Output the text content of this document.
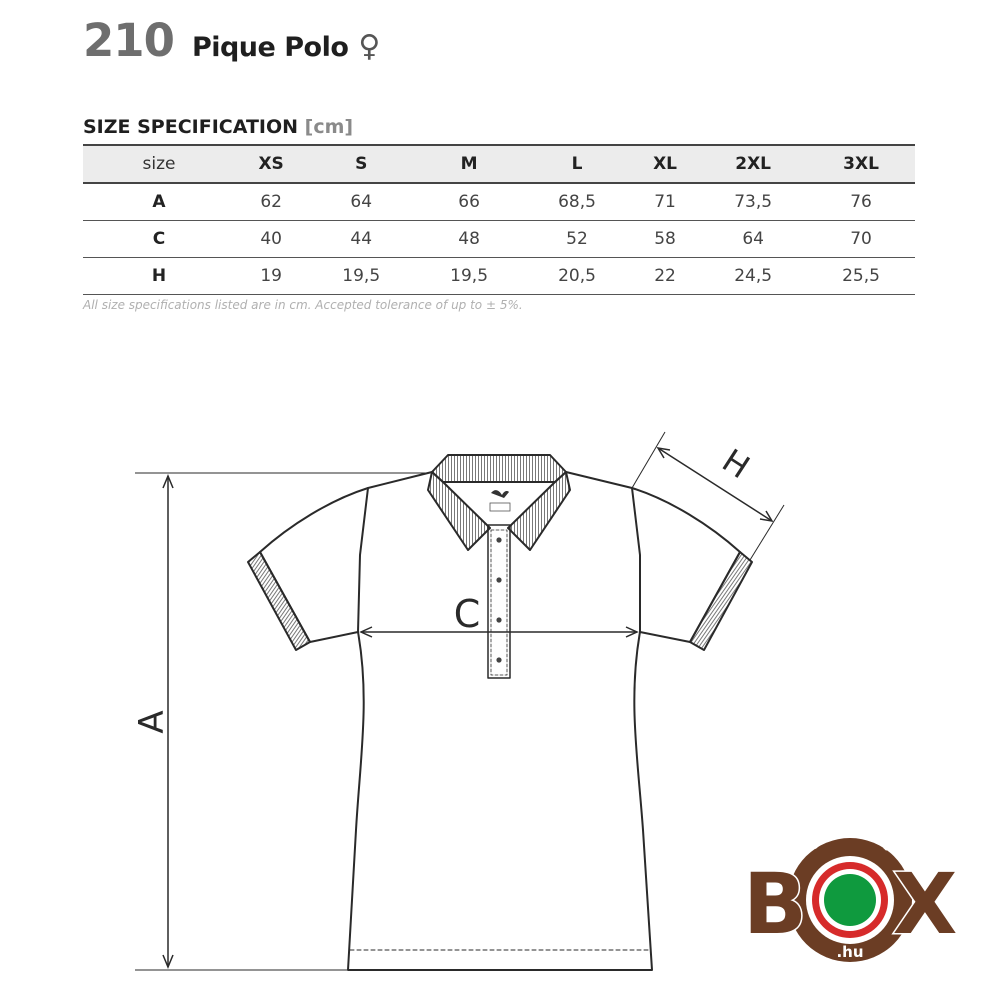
210 Pique Polo ♀
SIZE SPECIFICATION [cm]
size	XS	S	M	L	XL	2XL	3XL
A	62	64	66	68,5	71	73,5	76
C	40	44	48	52	58	64	70
H	19	19,5	19,5	20,5	22	24,5	25,5
All size specifications listed are in cm. Accepted tolerance of up to ± 5%.
A
C
H
TRAFIK
B X
.hu
